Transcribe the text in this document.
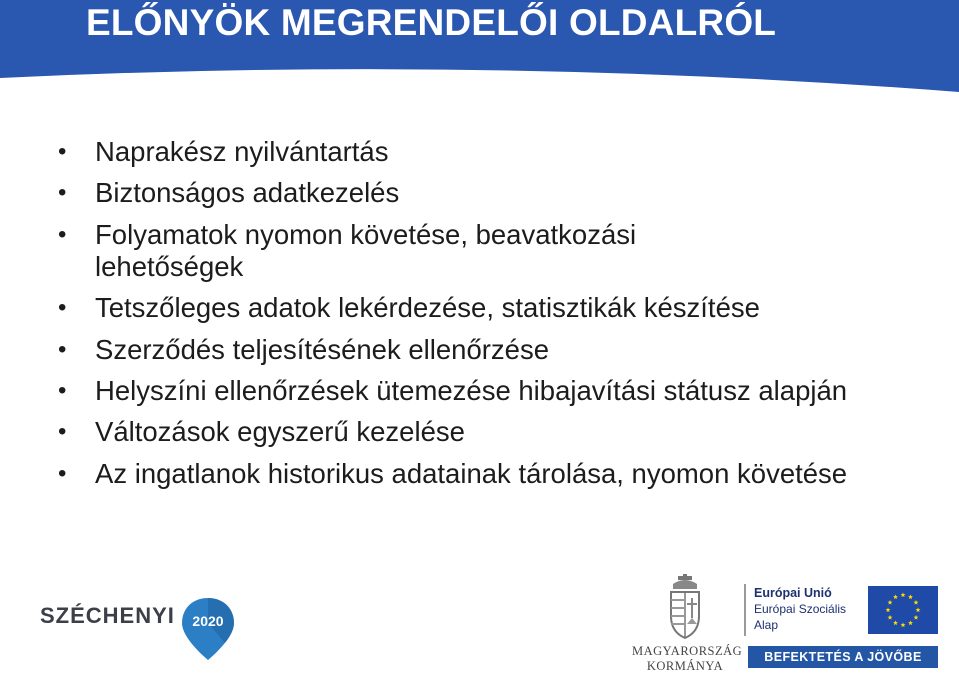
ELŐNYÖK MEGRENDELŐI OLDALRÓL
• Naprakész nyilvántartás
• Biztonságos adatkezelés
• Folyamatok nyomon követése, beavatkozási lehetőségek
• Tetszőleges adatok lekérdezése, statisztikák készítése
• Szerződés teljesítésének ellenőrzése
• Helyszíni ellenőrzések ütemezése hibajavítási státusz alapján
• Változások egyszerű kezelése
• Az ingatlanok historikus adatainak tárolása, nyomon követése
SZÉCHENYI	2020
MAGYARORSZÁG
KORMÁNYA
Európai Unió
Európai Szociális
Alap
BEFEKTETÉS A JÖVŐBE
